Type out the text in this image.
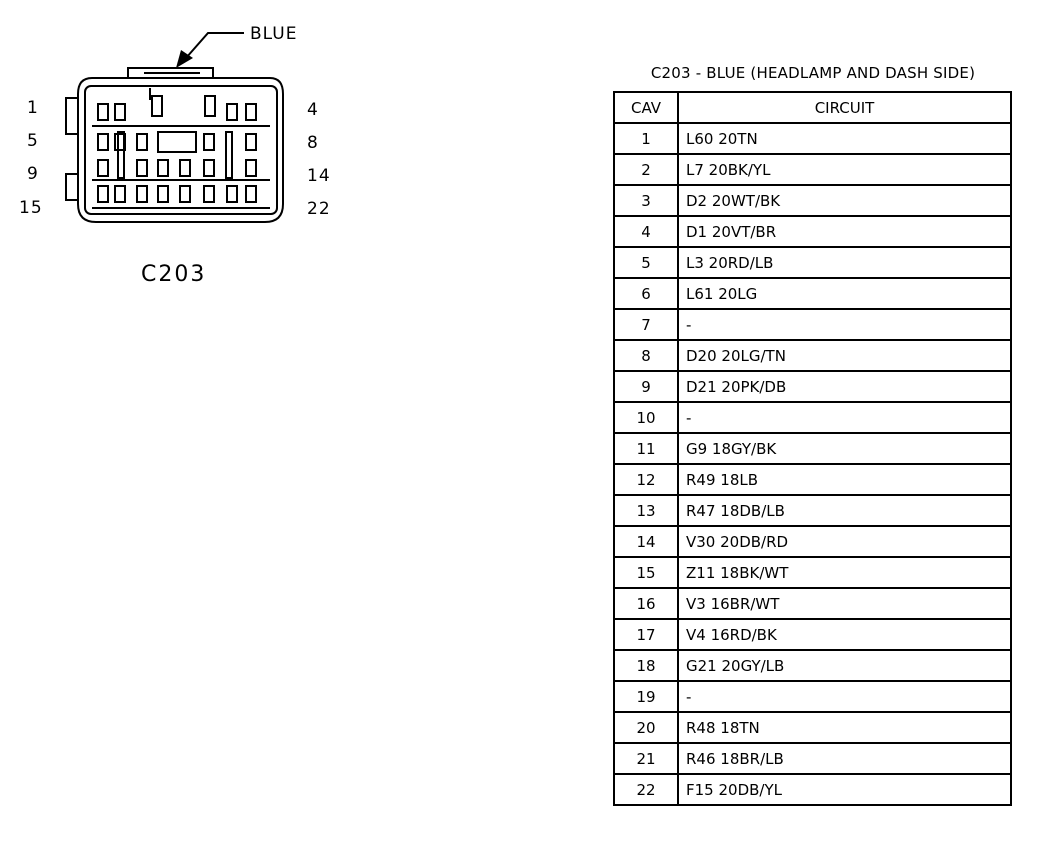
BLUE
1
5
9
15
4
8
14
22
C203
C203 - BLUE (HEADLAMP AND DASH SIDE)
CAV	CIRCUIT
1	L60 20TN
2	L7 20BK/YL
3	D2 20WT/BK
4	D1 20VT/BR
5	L3 20RD/LB
6	L61 20LG
7	-
8	D20 20LG/TN
9	D21 20PK/DB
10	-
11	G9 18GY/BK
12	R49 18LB
13	R47 18DB/LB
14	V30 20DB/RD
15	Z11 18BK/WT
16	V3 16BR/WT
17	V4 16RD/BK
18	G21 20GY/LB
19	-
20	R48 18TN
21	R46 18BR/LB
22	F15 20DB/YL
